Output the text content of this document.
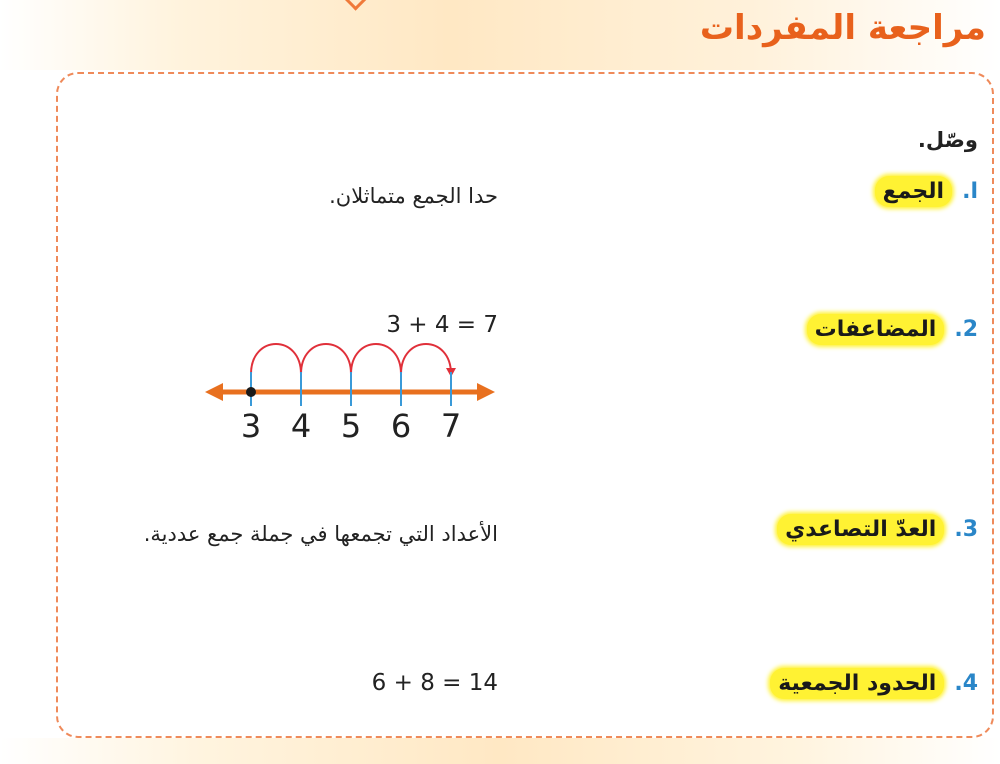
مراجعة المفردات

وصّل.

ا.
الجمع
2.
المضاعفات
3.
العدّ التصاعدي
4.
الحدود الجمعية
حدا الجمع متماثلان.
3 + 4 = 7
3 4 5 6 7
الأعداد التي تجمعها في جملة جمع عددية.
6 + 8 = 14
